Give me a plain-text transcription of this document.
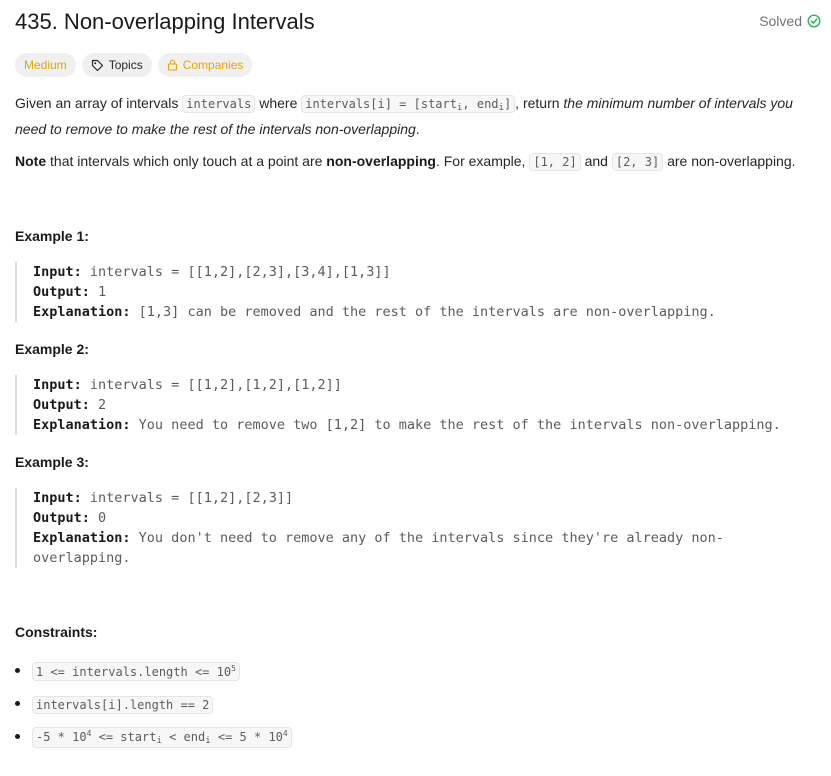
435. Non-overlapping Intervals	Solved
Medium	Topics	Companies
Given an array of intervals intervals where intervals[i] = [start$_i$, end$_i$] , return the minimum number of intervals you need to remove to make the rest of the intervals non-overlapping.
Note that intervals which only touch at a point are non-overlapping. For example, [1, 2] and [2, 3] are non-overlapping.
Example 1:
Input: intervals = [[1,2],[2,3],[3,4],[1,3]]
Output: 1
Explanation: [1,3] can be removed and the rest of the intervals are non-overlapping.
Example 2:
Input: intervals = [[1,2],[1,2],[1,2]]
Output: 2
Explanation: You need to remove two [1,2] to make the rest of the intervals non-overlapping.
Example 3:
Input: intervals = [[1,2],[2,3]]
Output: 0
Explanation: You don't need to remove any of the intervals since they're already non-overlapping.
Constraints:
1 <= intervals.length <= $10^5$
intervals[i].length == 2
$-5 * 10^4$ <= start$_i$ < $end_i <= 5 * 10^4$
